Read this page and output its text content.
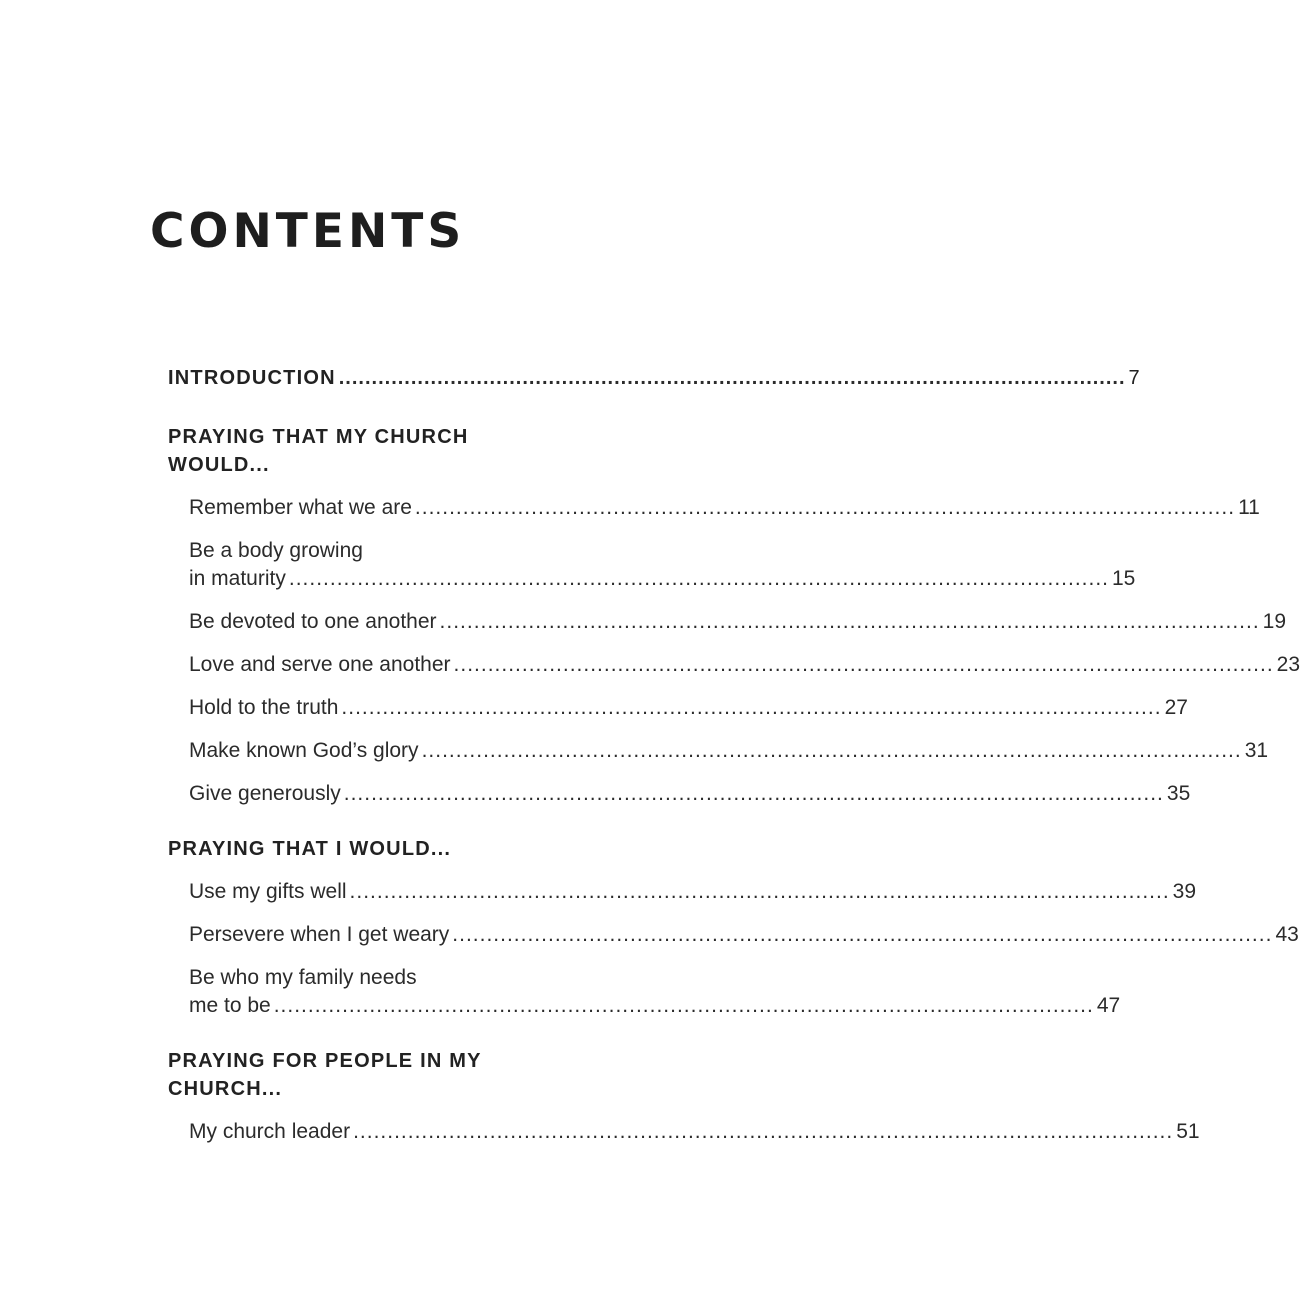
CONTENTS
INTRODUCTION ........................................................................................................................ 7
PRAYING THAT MY CHURCH WOULD...
Remember what we are ........................................................................................................................ 11
Be a body growing
in maturity ........................................................................................................................ 15
Be devoted to one another ........................................................................................................................ 19
Love and serve one another ........................................................................................................................ 23
Hold to the truth ........................................................................................................................ 27
Make known God’s glory ........................................................................................................................ 31
Give generously ........................................................................................................................ 35
PRAYING THAT I WOULD...
Use my gifts well ........................................................................................................................ 39
Persevere when I get weary ........................................................................................................................ 43
Be who my family needs
me to be ........................................................................................................................ 47
PRAYING FOR PEOPLE IN MY CHURCH...
My church leader ........................................................................................................................ 51
